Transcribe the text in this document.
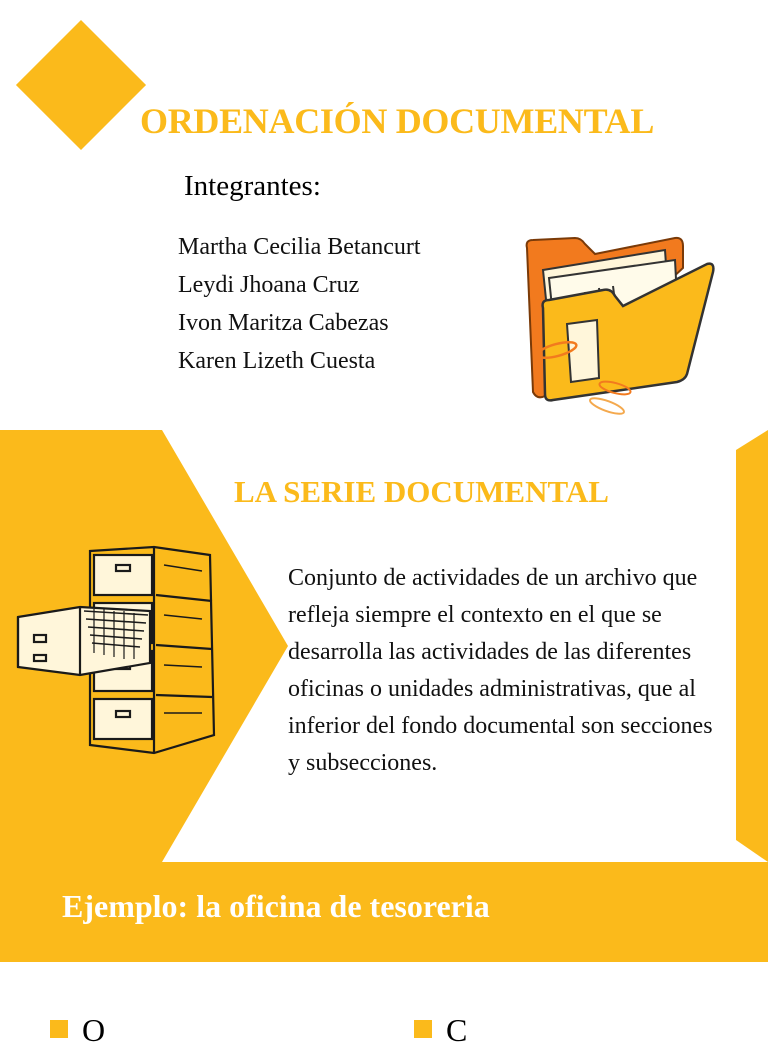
ORDENACIÓN DOCUMENTAL
Integrantes:
Martha Cecilia Betancurt
Leydi Jhoana Cruz
Ivon Maritza Cabezas
Karen Lizeth Cuesta
LA SERIE DOCUMENTAL

Conjunto de actividades de un archivo que refleja siempre el contexto en el que se desarrolla las actividades de las diferentes oficinas o unidades administrativas, que al inferior del fondo documental son secciones y subsecciones.

Ejemplo: la oficina de tesoreria
O	C
